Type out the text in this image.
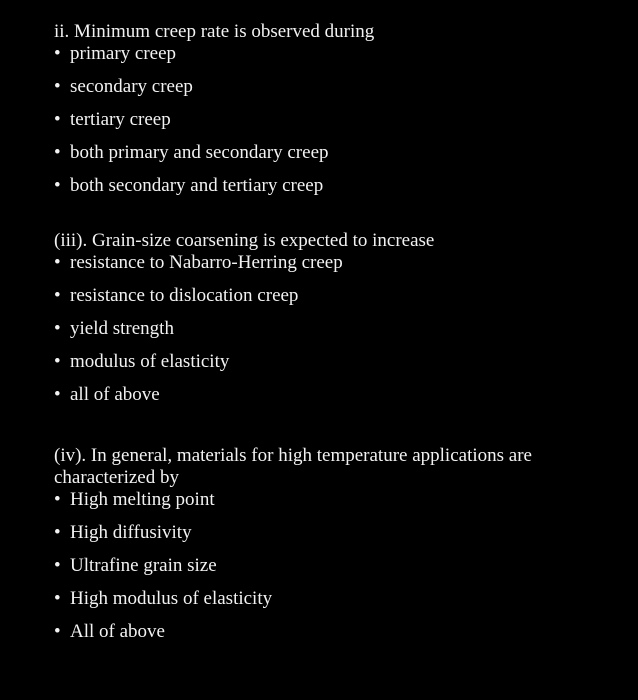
ii. Minimum creep rate is observed during

• primary creep
• secondary creep
• tertiary creep
• both primary and secondary creep
• both secondary and tertiary creep

(iii). Grain-size coarsening is expected to increase

• resistance to Nabarro-Herring creep
• resistance to dislocation creep
• yield strength
• modulus of elasticity
• all of above

(iv). In general, materials for high temperature applications are
characterized by

• High melting point
• High diffusivity
• Ultrafine grain size
• High modulus of elasticity
• All of above
